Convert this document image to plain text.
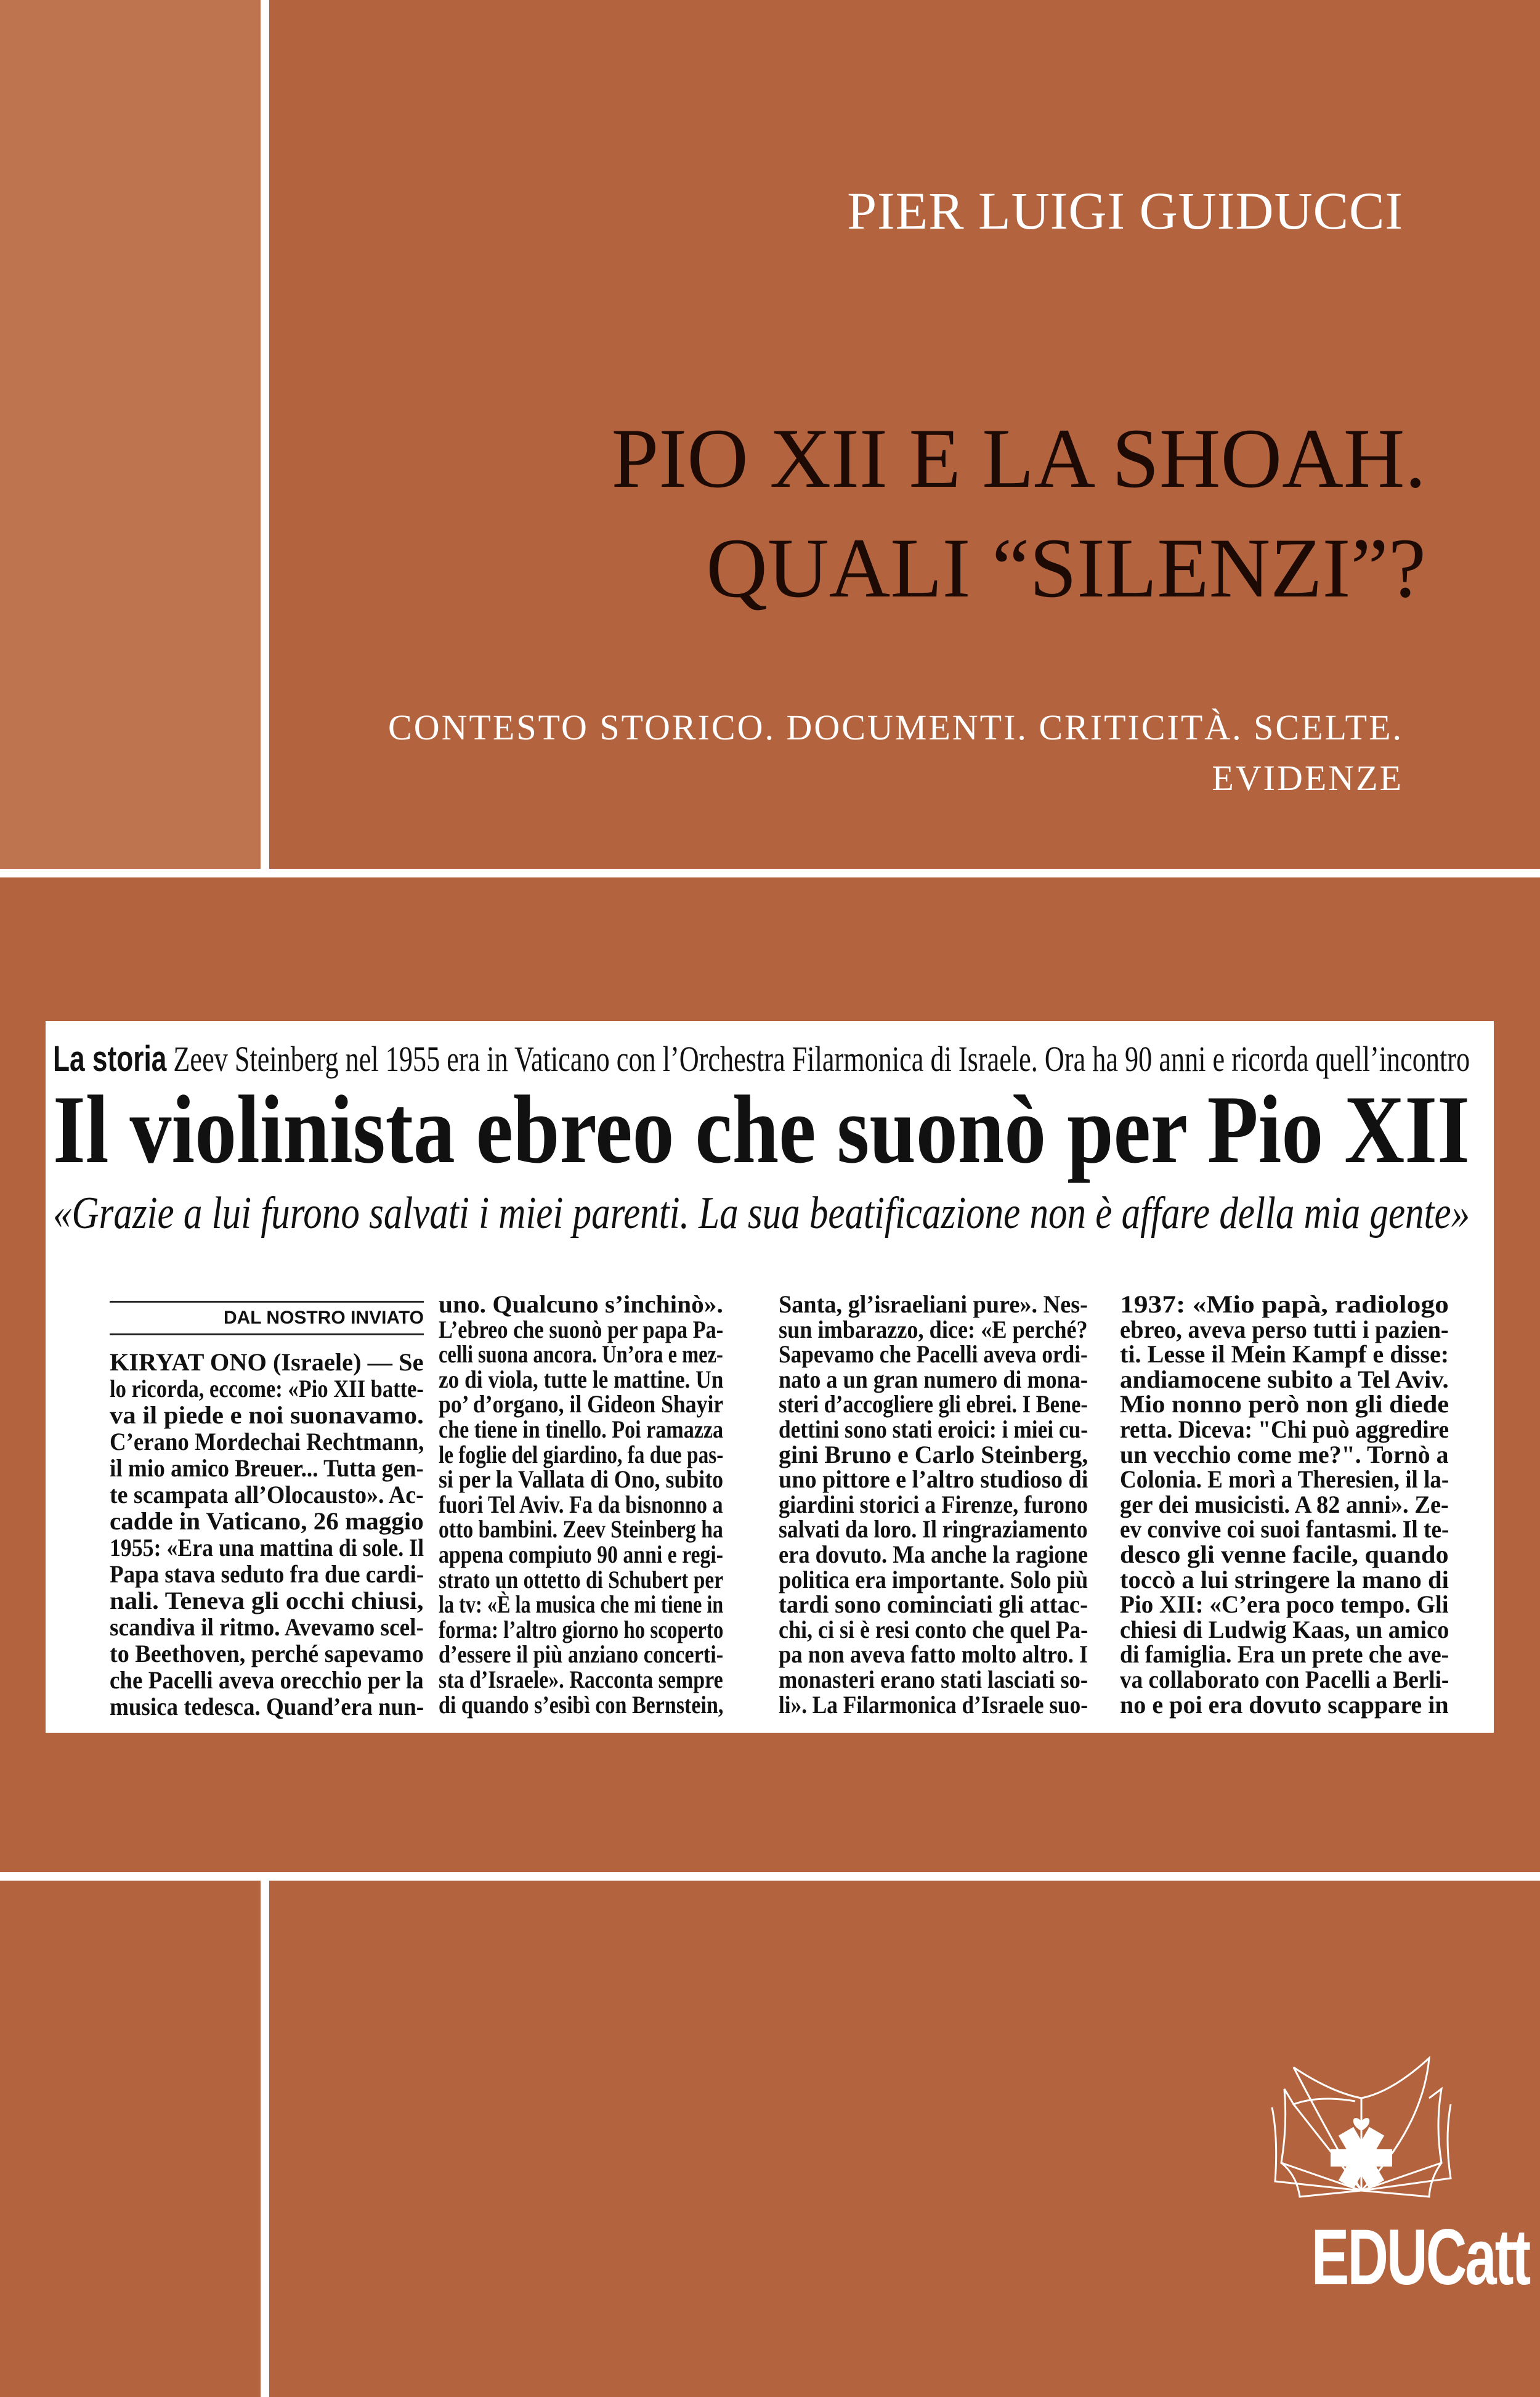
PIER LUIGI GUIDUCCI
PIO XII E LA SHOAH.
QUALI “SILENZI”?
CONTESTO STORICO. DOCUMENTI. CRITICITÀ. SCELTE.
EVIDENZE
La storia Zeev Steinberg nel 1955 era in Vaticano con l’Orchestra Filarmonica di Israele. Ora ha 90 anni e ricorda quell’incontro
Il violinista ebreo che suonò per Pio XII
«Grazie a lui furono salvati i miei parenti. La sua beatificazione non è affare della mia gente»
DAL NOSTRO INVIATO
KIRYAT ONO (Israele) — Se
lo ricorda, eccome: «Pio XII batte-
va il piede e noi suonavamo.
C’erano Mordechai Rechtmann,
il mio amico Breuer... Tutta gen-
te scampata all’Olocausto». Ac-
cadde in Vaticano, 26 maggio
1955: «Era una mattina di sole. Il
Papa stava seduto fra due cardi-
nali. Teneva gli occhi chiusi,
scandiva il ritmo. Avevamo scel-
to Beethoven, perché sapevamo
che Pacelli aveva orecchio per la
musica tedesca. Quand’era nun-
uno. Qualcuno s’inchinò».
L’ebreo che suonò per papa Pa-
celli suona ancora. Un’ora e mez-
zo di viola, tutte le mattine. Un
po’ d’organo, il Gideon Shayir
che tiene in tinello. Poi ramazza
le foglie del giardino, fa due pas-
si per la Vallata di Ono, subito
fuori Tel Aviv. Fa da bisnonno a
otto bambini. Zeev Steinberg ha
appena compiuto 90 anni e regi-
strato un ottetto di Schubert per
la tv: «È la musica che mi tiene in
forma: l’altro giorno ho scoperto
d’essere il più anziano concerti-
sta d’Israele». Racconta sempre
di quando s’esibì con Bernstein,
Santa, gl’israeliani pure». Nes-
sun imbarazzo, dice: «E perché?
Sapevamo che Pacelli aveva ordi-
nato a un gran numero di mona-
steri d’accogliere gli ebrei. I Bene-
dettini sono stati eroici: i miei cu-
gini Bruno e Carlo Steinberg,
uno pittore e l’altro studioso di
giardini storici a Firenze, furono
salvati da loro. Il ringraziamento
era dovuto. Ma anche la ragione
politica era importante. Solo più
tardi sono cominciati gli attac-
chi, ci si è resi conto che quel Pa-
pa non aveva fatto molto altro. I
monasteri erano stati lasciati so-
li». La Filarmonica d’Israele suo-
1937: «Mio papà, radiologo
ebreo, aveva perso tutti i pazien-
ti. Lesse il Mein Kampf e disse:
andiamocene subito a Tel Aviv.
Mio nonno però non gli diede
retta. Diceva: "Chi può aggredire
un vecchio come me?". Tornò a
Colonia. E morì a Theresien, il la-
ger dei musicisti. A 82 anni». Ze-
ev convive coi suoi fantasmi. Il te-
desco gli venne facile, quando
toccò a lui stringere la mano di
Pio XII: «C’era poco tempo. Gli
chiesi di Ludwig Kaas, un amico
di famiglia. Era un prete che ave-
va collaborato con Pacelli a Berli-
no e poi era dovuto scappare in
EDUCatt
